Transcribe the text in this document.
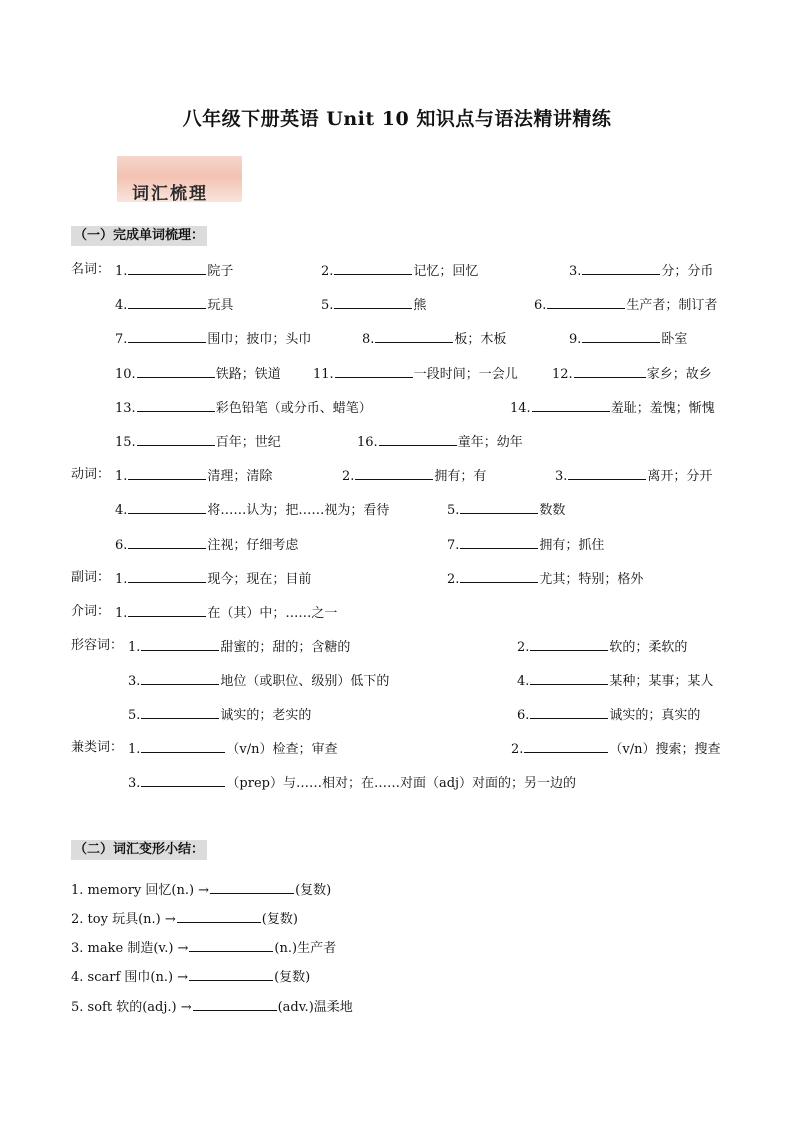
八年级下册英语 Unit 10 知识点与语法精讲精练
词汇梳理
（一）完成单词梳理：
名词： 1.	院子	2.	记忆；回忆	3.	分；分币
4.	玩具	5.	熊	6.	生产者；制订者
7.	围巾；披巾；头巾	8.	板；木板	9.	卧室
10.	铁路；铁道 11.	一段时间；一会儿	12.	家乡；故乡
13.	彩色铅笔（或分币、蜡笔）	14.	羞耻；羞愧；惭愧
15.	百年；世纪	16.	童年；幼年
动词： 1.	清理；清除	2.	拥有；有	3.	离开；分开
4.	将……认为；把……视为；看待	5.	数数
6.	注视；仔细考虑	7.	拥有；抓住
副词： 1.	现今；现在；目前	2.	尤其；特别；格外
介词： 1.	在（其）中；……之一
形容词： 1.	甜蜜的；甜的；含糖的	2.	软的；柔软的
3.	地位（或职位、级别）低下的	4.	某种；某事；某人
5.	诚实的；老实的	6.	诚实的；真实的
兼类词： 1.	（v/n）检查；审查	2.	（v/n）搜索；搜查
3.	（prep）与……相对；在……对面（adj）对面的；另一边的
（二）词汇变形小结：
1. memory 回忆(n.) →	(复数)
2. toy 玩具(n.) →	(复数)
3. make 制造(v.) →	(n.)生产者
4. scarf 围巾(n.) →	(复数)
5. soft 软的(adj.) →	(adv.)温柔地
